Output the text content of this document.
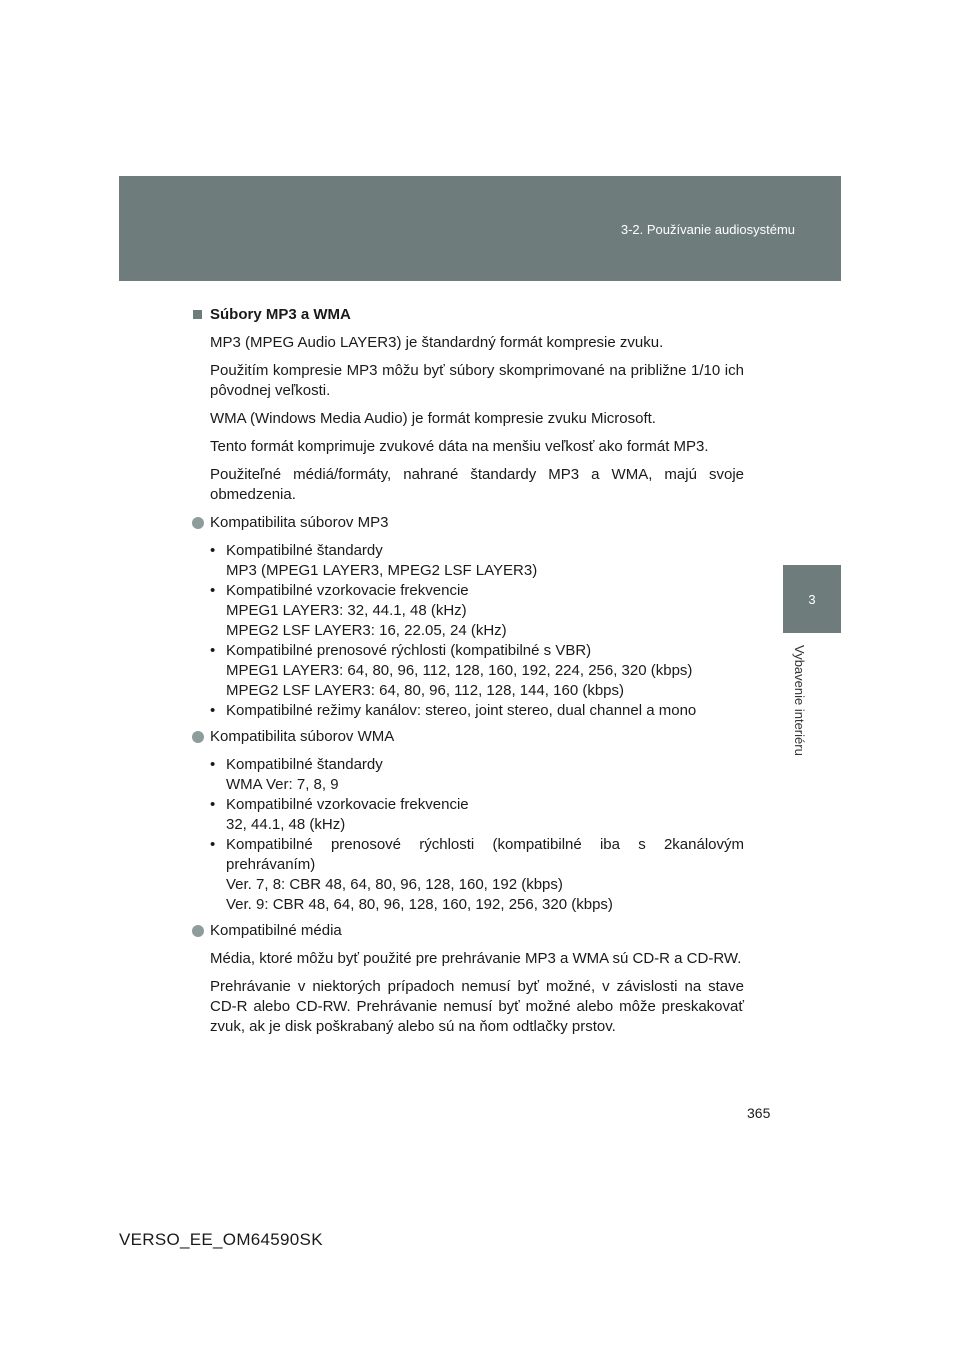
3-2. Používanie audiosystému
3
Vybavenie interiéru
Súbory MP3 a WMA
MP3 (MPEG Audio LAYER3) je štandardný formát kompresie zvuku.
Použitím kompresie MP3 môžu byť súbory skomprimované na približne 1/10 ich pôvodnej veľkosti.
WMA (Windows Media Audio) je formát kompresie zvuku Microsoft.
Tento formát komprimuje zvukové dáta na menšiu veľkosť ako formát MP3.
Použiteľné médiá/formáty, nahrané štandardy MP3 a WMA, majú svoje obmedzenia.
Kompatibilita súborov MP3
• Kompatibilné štandardy
MP3 (MPEG1 LAYER3, MPEG2 LSF LAYER3)
• Kompatibilné vzorkovacie frekvencie
MPEG1 LAYER3: 32, 44.1, 48 (kHz)
MPEG2 LSF LAYER3: 16, 22.05, 24 (kHz)
• Kompatibilné prenosové rýchlosti (kompatibilné s VBR)
MPEG1 LAYER3: 64, 80, 96, 112, 128, 160, 192, 224, 256, 320 (kbps)
MPEG2 LSF LAYER3: 64, 80, 96, 112, 128, 144, 160 (kbps)
• Kompatibilné režimy kanálov: stereo, joint stereo, dual channel a mono
Kompatibilita súborov WMA
• Kompatibilné štandardy
WMA Ver: 7, 8, 9
• Kompatibilné vzorkovacie frekvencie
32, 44.1, 48 (kHz)
• Kompatibilné prenosové rýchlosti (kompatibilné iba s 2kanálovým prehrávaním)
Ver. 7, 8: CBR 48, 64, 80, 96, 128, 160, 192 (kbps)
Ver. 9: CBR 48, 64, 80, 96, 128, 160, 192, 256, 320 (kbps)
Kompatibilné média
Média, ktoré môžu byť použité pre prehrávanie MP3 a WMA sú CD-R a CD-RW.
Prehrávanie v niektorých prípadoch nemusí byť možné, v závislosti na stave CD-R alebo CD-RW. Prehrávanie nemusí byť možné alebo môže preskakovať zvuk, ak je disk poškrabaný alebo sú na ňom odtlačky prstov.
365
VERSO_EE_OM64590SK
